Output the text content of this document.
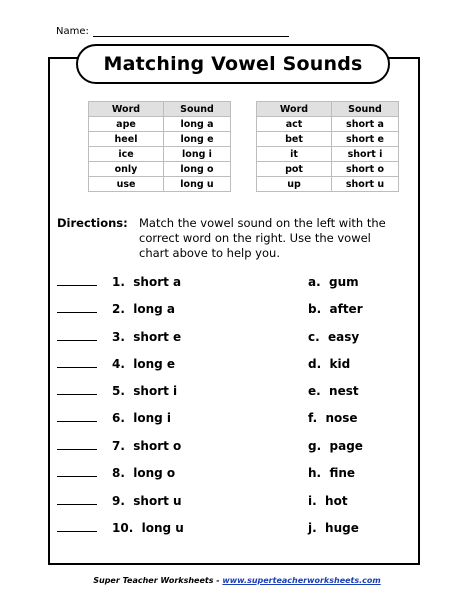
Name:
Matching Vowel Sounds
Word	Sound
ape	long a
heel	long e
ice	long i
only	long o
use	long u
Word	Sound
act	short a
bet	short e
it	short i
pot	short o
up	short u
Directions: Match the vowel sound on the left with the correct word on the right. Use the vowel chart above to help you.
1.  short a	a.  gum
2.  long a	b.  after
3.  short e	c.  easy
4.  long e	d.  kid
5.  short i	e.  nest
6.  long i	f.  nose
7.  short o	g.  page
8.  long o	h.  fine
9.  short u	i.  hot
10.  long u	j.  huge
Super Teacher Worksheets - www.superteacherworksheets.com
